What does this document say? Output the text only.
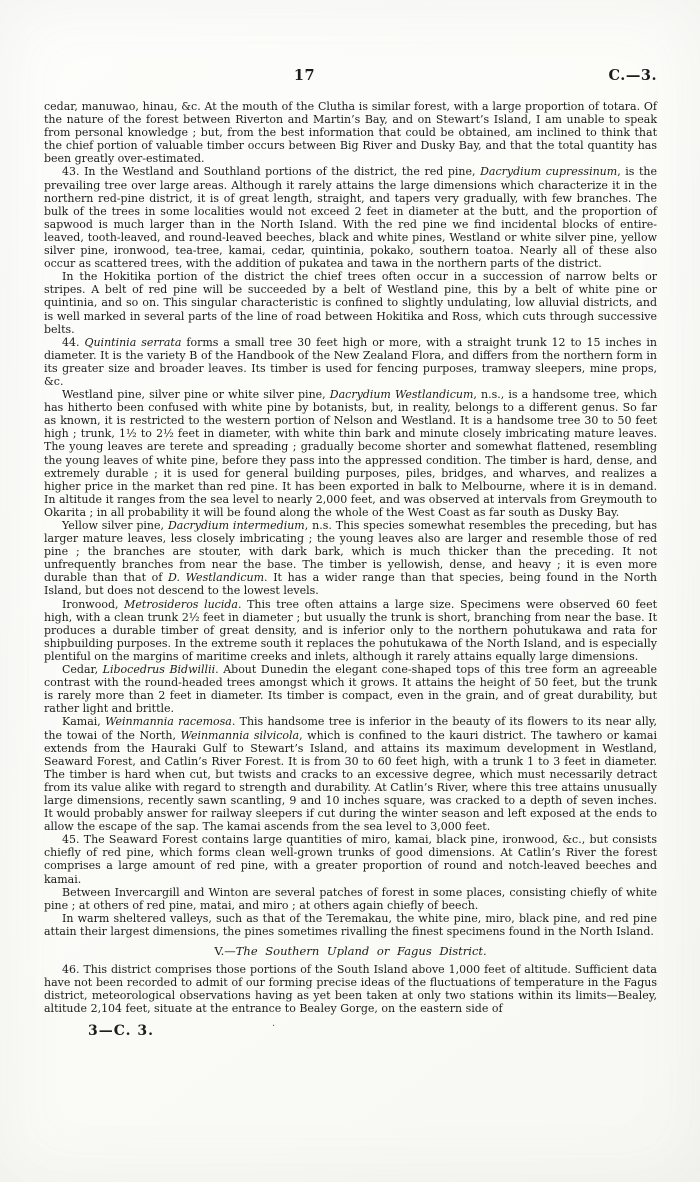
17	C.—3.

cedar, manuwao, hinau, &c. At the mouth of the Clutha is similar forest, with a large proportion of totara. Of the nature of the forest between Riverton and Martin’s Bay, and on Stewart’s Island, I am unable to speak from personal knowledge ; but, from the best information that could be obtained, am inclined to think that the chief portion of valuable timber occurs between Big River and Dusky Bay, and that the total quantity has been greatly over-estimated.

43. In the Westland and Southland portions of the district, the red pine, Dacrydium cupressinum, is the prevailing tree over large areas. Although it rarely attains the large dimensions which characterize it in the northern red-pine district, it is of great length, straight, and tapers very gradually, with few branches. The bulk of the trees in some localities would not exceed 2 feet in diameter at the butt, and the proportion of sapwood is much larger than in the North Island. With the red pine we find incidental blocks of entire-leaved, tooth-leaved, and round-leaved beeches, black and white pines, Westland or white silver pine, yellow silver pine, ironwood, tea-tree, kamai, cedar, quintinia, pokako, southern toatoa. Nearly all of these also occur as scattered trees, with the addition of pukatea and tawa in the northern parts of the district.

In the Hokitika portion of the district the chief trees often occur in a succession of narrow belts or stripes. A belt of red pine will be succeeded by a belt of Westland pine, this by a belt of white pine or quintinia, and so on. This singular characteristic is confined to slightly undulating, low alluvial districts, and is well marked in several parts of the line of road between Hokitika and Ross, which cuts through successive belts.

44. Quintinia serrata forms a small tree 30 feet high or more, with a straight trunk 12 to 15 inches in diameter. It is the variety B of the Handbook of the New Zealand Flora, and differs from the northern form in its greater size and broader leaves. Its timber is used for fencing purposes, tramway sleepers, mine props, &c.

Westland pine, silver pine or white silver pine, Dacrydium Westlandicum, n.s., is a handsome tree, which has hitherto been confused with white pine by botanists, but, in reality, belongs to a different genus. So far as known, it is restricted to the western portion of Nelson and Westland. It is a handsome tree 30 to 50 feet high ; trunk, 1½ to 2½ feet in diameter, with white thin bark and minute closely imbricating mature leaves. The young leaves are terete and spreading ; gradually become shorter and somewhat flattened, resembling the young leaves of white pine, before they pass into the appressed condition. The timber is hard, dense, and extremely durable ; it is used for general building purposes, piles, bridges, and wharves, and realizes a higher price in the market than red pine. It has been exported in balk to Melbourne, where it is in demand. In altitude it ranges from the sea level to nearly 2,000 feet, and was observed at intervals from Greymouth to Okarita ; in all probability it will be found along the whole of the West Coast as far south as Dusky Bay.

Yellow silver pine, Dacrydium intermedium, n.s. This species somewhat resembles the preceding, but has larger mature leaves, less closely imbricating ; the young leaves also are larger and resemble those of red pine ; the branches are stouter, with dark bark, which is much thicker than the preceding. It not unfrequently branches from near the base. The timber is yellowish, dense, and heavy ; it is even more durable than that of D. Westlandicum. It has a wider range than that species, being found in the North Island, but does not descend to the lowest levels.

Ironwood, Metrosideros lucida. This tree often attains a large size. Specimens were observed 60 feet high, with a clean trunk 2½ feet in diameter ; but usually the trunk is short, branching from near the base. It produces a durable timber of great density, and is inferior only to the northern pohutukawa and rata for shipbuilding purposes. In the extreme south it replaces the pohutukawa of the North Island, and is especially plentiful on the margins of maritime creeks and inlets, although it rarely attains equally large dimensions.

Cedar, Libocedrus Bidwillii. About Dunedin the elegant cone-shaped tops of this tree form an agreeable contrast with the round-headed trees amongst which it grows. It attains the height of 50 feet, but the trunk is rarely more than 2 feet in diameter. Its timber is compact, even in the grain, and of great durability, but rather light and brittle.

Kamai, Weinmannia racemosa. This handsome tree is inferior in the beauty of its flowers to its near ally, the towai of the North, Weinmannia silvicola, which is confined to the kauri district. The tawhero or kamai extends from the Hauraki Gulf to Stewart’s Island, and attains its maximum development in Westland, Seaward Forest, and Catlin’s River Forest. It is from 30 to 60 feet high, with a trunk 1 to 3 feet in diameter. The timber is hard when cut, but twists and cracks to an excessive degree, which must necessarily detract from its value alike with regard to strength and durability. At Catlin’s River, where this tree attains unusually large dimensions, recently sawn scantling, 9 and 10 inches square, was cracked to a depth of seven inches. It would probably answer for railway sleepers if cut during the winter season and left exposed at the ends to allow the escape of the sap. The kamai ascends from the sea level to 3,000 feet.

45. The Seaward Forest contains large quantities of miro, kamai, black pine, ironwood, &c., but consists chiefly of red pine, which forms clean well-grown trunks of good dimensions. At Catlin’s River the forest comprises a large amount of red pine, with a greater proportion of round and notch-leaved beeches and kamai.

Between Invercargill and Winton are several patches of forest in some places, consisting chiefly of white pine ; at others of red pine, matai, and miro ; at others again chiefly of beech.

In warm sheltered valleys, such as that of the Teremakau, the white pine, miro, black pine, and red pine attain their largest dimensions, the pines sometimes rivalling the finest specimens found in the North Island.

V.—The Southern Upland or Fagus District.

46. This district comprises those portions of the South Island above 1,000 feet of altitude. Sufficient data have not been recorded to admit of our forming precise ideas of the fluctuations of temperature in the Fagus district, meteorological observations having as yet been taken at only two stations within its limits—Bealey, altitude 2,104 feet, situate at the entrance to Bealey Gorge, on the eastern side of

3—C. 3.	·
